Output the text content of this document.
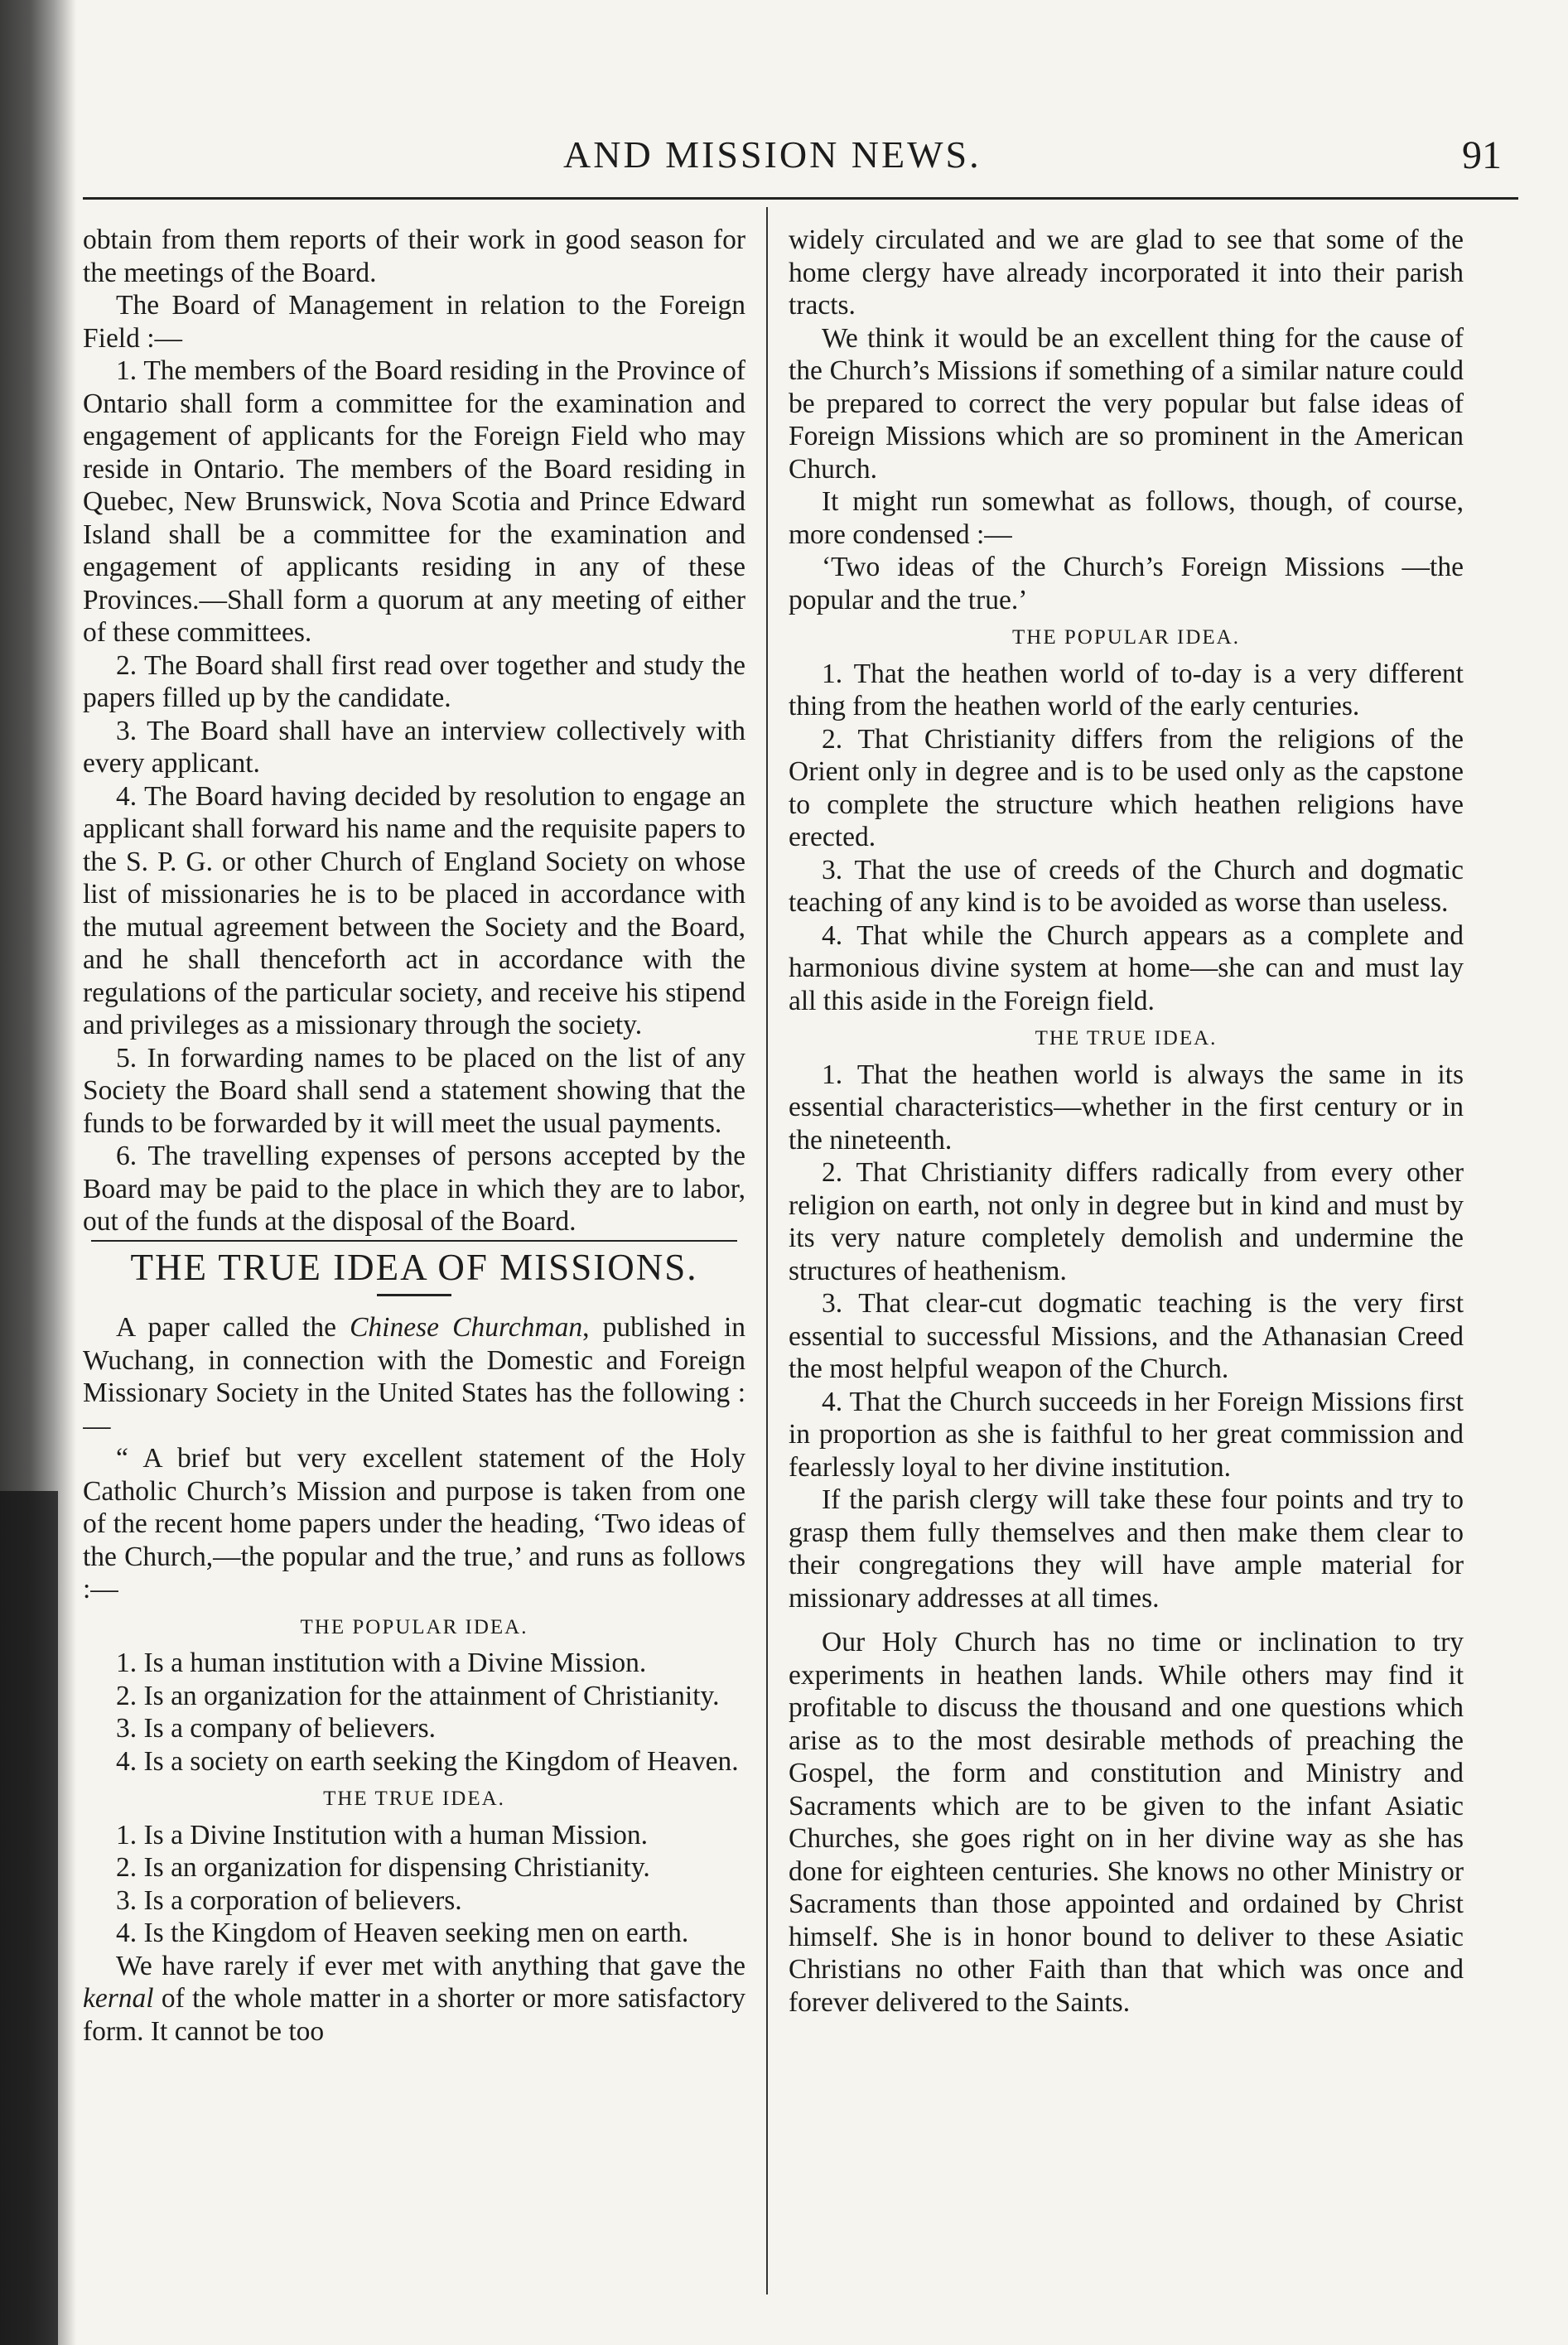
AND MISSION NEWS.	91

obtain from them reports of their work in good season for the meetings of the Board.

The Board of Management in relation to the Foreign Field :—

1. The members of the Board residing in the Province of Ontario shall form a committee for the examination and engagement of applicants for the Foreign Field who may reside in Ontario. The members of the Board residing in Quebec, New Brunswick, Nova Scotia and Prince Edward Island shall be a committee for the examination and engagement of applicants residing in any of these Provinces.—Shall form a quorum at any meeting of either of these committees.

2. The Board shall first read over together and study the papers filled up by the candidate.

3. The Board shall have an interview collectively with every applicant.

4. The Board having decided by resolution to engage an applicant shall forward his name and the requisite papers to the S. P. G. or other Church of England Society on whose list of missionaries he is to be placed in accordance with the mutual agreement between the Society and the Board, and he shall thenceforth act in accordance with the regulations of the particular society, and receive his stipend and privileges as a missionary through the society.

5. In forwarding names to be placed on the list of any Society the Board shall send a statement showing that the funds to be forwarded by it will meet the usual payments.

6. The travelling expenses of persons accepted by the Board may be paid to the place in which they are to labor, out of the funds at the disposal of the Board.

THE TRUE IDEA OF MISSIONS.

A paper called the Chinese Churchman, published in Wuchang, in connection with the Domestic and Foreign Missionary Society in the United States has the following :—

“ A brief but very excellent statement of the Holy Catholic Church’s Mission and purpose is taken from one of the recent home papers under the heading, ‘Two ideas of the Church,—the popular and the true,’ and runs as follows :—

THE POPULAR IDEA.

1. Is a human institution with a Divine Mission.

2. Is an organization for the attainment of Christianity.

3. Is a company of believers.

4. Is a society on earth seeking the Kingdom of Heaven.

THE TRUE IDEA.

1. Is a Divine Institution with a human Mission.

2. Is an organization for dispensing Christianity.

3. Is a corporation of believers.

4. Is the Kingdom of Heaven seeking men on earth.

We have rarely if ever met with anything that gave the kernal of the whole matter in a shorter or more satisfactory form. It cannot be too

widely circulated and we are glad to see that some of the home clergy have already incorporated it into their parish tracts.

We think it would be an excellent thing for the cause of the Church’s Missions if something of a similar nature could be prepared to correct the very popular but false ideas of Foreign Missions which are so prominent in the American Church.

It might run somewhat as follows, though, of course, more condensed :—

‘Two ideas of the Church’s Foreign Missions —the popular and the true.’

THE POPULAR IDEA.

1. That the heathen world of to-day is a very different thing from the heathen world of the early centuries.

2. That Christianity differs from the religions of the Orient only in degree and is to be used only as the capstone to complete the structure which heathen religions have erected.

3. That the use of creeds of the Church and dogmatic teaching of any kind is to be avoided as worse than useless.

4. That while the Church appears as a complete and harmonious divine system at home—she can and must lay all this aside in the Foreign field.

THE TRUE IDEA.

1. That the heathen world is always the same in its essential characteristics—whether in the first century or in the nineteenth.

2. That Christianity differs radically from every other religion on earth, not only in degree but in kind and must by its very nature completely demolish and undermine the structures of heathenism.

3. That clear-cut dogmatic teaching is the very first essential to successful Missions, and the Athanasian Creed the most helpful weapon of the Church.

4. That the Church succeeds in her Foreign Missions first in proportion as she is faithful to her great commission and fearlessly loyal to her divine institution.

If the parish clergy will take these four points and try to grasp them fully themselves and then make them clear to their congregations they will have ample material for missionary addresses at all times.

Our Holy Church has no time or inclination to try experiments in heathen lands. While others may find it profitable to discuss the thousand and one questions which arise as to the most desirable methods of preaching the Gospel, the form and constitution and Ministry and Sacraments which are to be given to the infant Asiatic Churches, she goes right on in her divine way as she has done for eighteen centuries. She knows no other Ministry or Sacraments than those appointed and ordained by Christ himself. She is in honor bound to deliver to these Asiatic Christians no other Faith than that which was once and forever delivered to the Saints.
